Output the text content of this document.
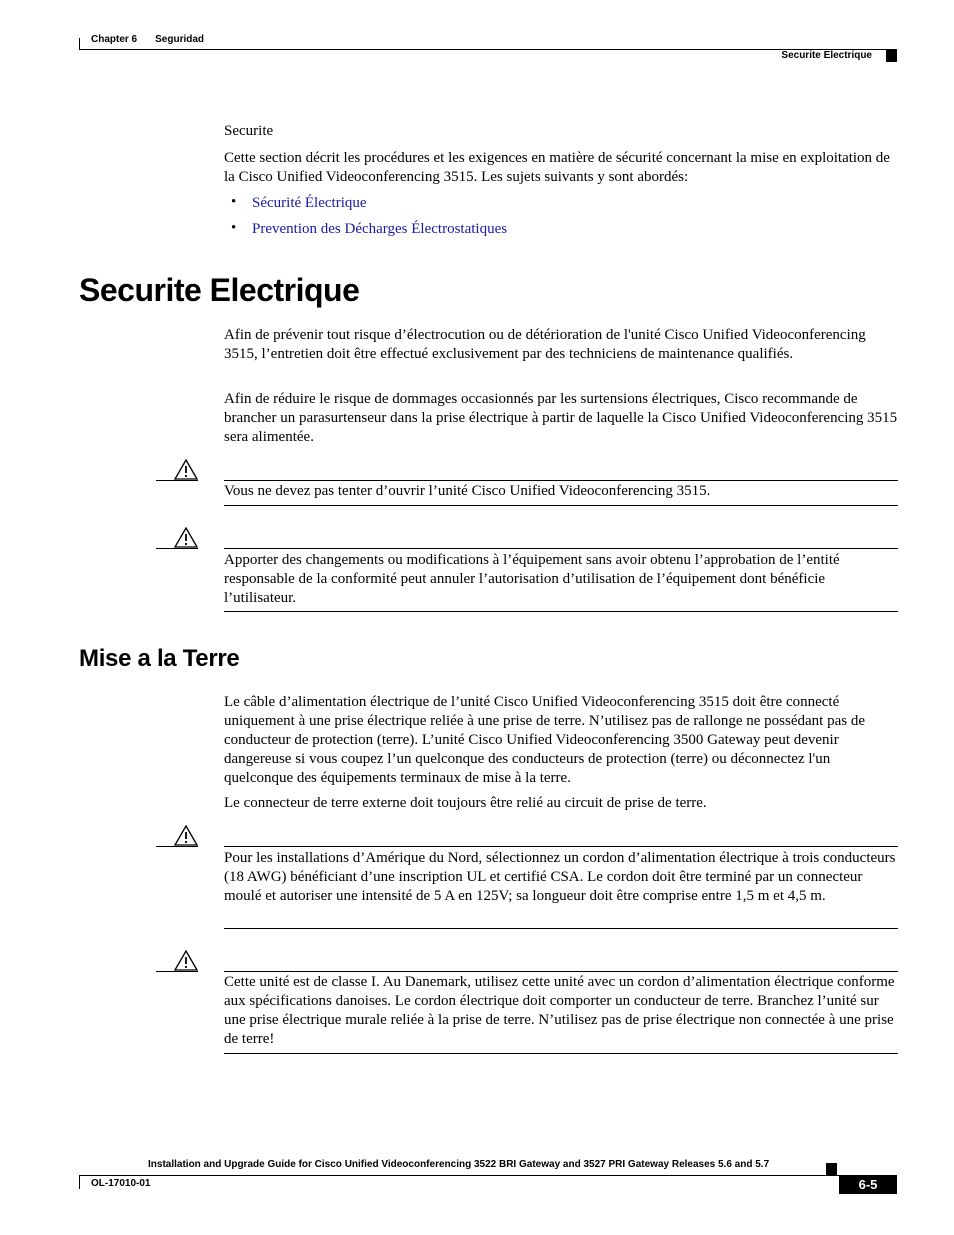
Chapter 6 Seguridad
Securite Electrique
Securite
Cette section décrit les procédures et les exigences en matière de sécurité concernant la mise en exploitation de la Cisco Unified Videoconferencing 3515. Les sujets suivants y sont abordés:
• Sécurité Électrique
• Prevention des Décharges Électrostatiques
Securite Electrique
Afin de prévenir tout risque d’électrocution ou de détérioration de l'unité Cisco Unified Videoconferencing 3515, l’entretien doit être effectué exclusivement par des techniciens de maintenance qualifiés.
Afin de réduire le risque de dommages occasionnés par les surtensions électriques, Cisco recommande de brancher un parasurtenseur dans la prise électrique à partir de laquelle la Cisco Unified Videoconferencing 3515 sera alimentée.
Vous ne devez pas tenter d’ouvrir l’unité Cisco Unified Videoconferencing 3515.
Apporter des changements ou modifications à l’équipement sans avoir obtenu l’approbation de l’entité responsable de la conformité peut annuler l’autorisation d’utilisation de l’équipement dont bénéficie l’utilisateur.
Mise a la Terre
Le câble d’alimentation électrique de l’unité Cisco Unified Videoconferencing 3515 doit être connecté uniquement à une prise électrique reliée à une prise de terre. N’utilisez pas de rallonge ne possédant pas de conducteur de protection (terre). L’unité Cisco Unified Videoconferencing 3500 Gateway peut devenir dangereuse si vous coupez l’un quelconque des conducteurs de protection (terre) ou déconnectez l'un quelconque des équipements terminaux de mise à la terre.
Le connecteur de terre externe doit toujours être relié au circuit de prise de terre.
Pour les installations d’Amérique du Nord, sélectionnez un cordon d’alimentation électrique à trois conducteurs (18 AWG) bénéficiant d’une inscription UL et certifié CSA. Le cordon doit être terminé par un connecteur moulé et autoriser une intensité de 5 A en 125V; sa longueur doit être comprise entre 1,5 m et 4,5 m.
Cette unité est de classe I. Au Danemark, utilisez cette unité avec un cordon d’alimentation électrique conforme aux spécifications danoises. Le cordon électrique doit comporter un conducteur de terre. Branchez l’unité sur une prise électrique murale reliée à la prise de terre. N’utilisez pas de prise électrique non connectée à une prise de terre!
Installation and Upgrade Guide for Cisco Unified Videoconferencing 3522 BRI Gateway and 3527 PRI Gateway Releases 5.6 and 5.7
OL-17010-01	6-5
